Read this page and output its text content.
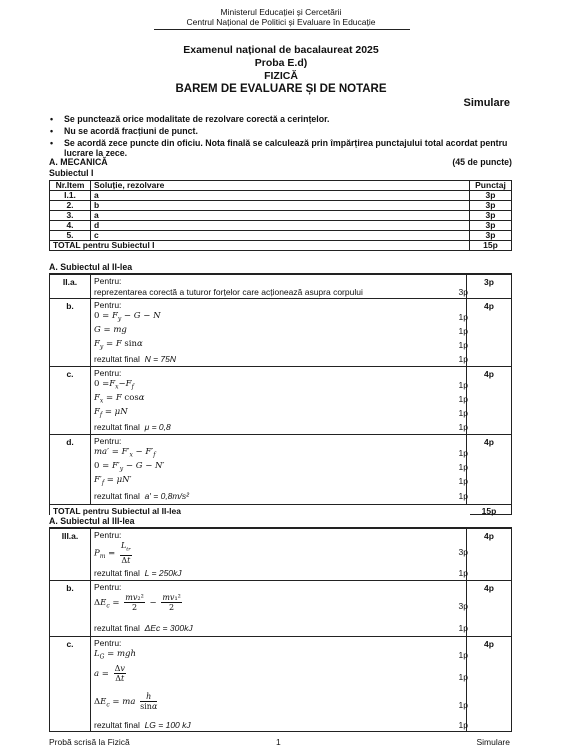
Ministerul Educației și Cercetării
Centrul Național de Politici și Evaluare în Educație
Examenul național de bacalaureat 2025
Proba E.d)
FIZICĂ
BAREM DE EVALUARE ȘI DE NOTARE
Simulare
•	Se punctează orice modalitate de rezolvare corectă a cerințelor.
•	Nu se acordă fracțiuni de punct.
•	Se acordă zece puncte din oficiu. Nota finală se calculează prin împărțirea punctajului total acordat pentru lucrare la zece.
A. MECANICĂ	(45 de puncte)
Subiectul I
Nr.Item	Soluție, rezolvare	Punctaj
I.1.	a	3p
2.	b	3p
3.	a	3p
4.	d	3p
5.	c	3p
TOTAL pentru Subiectul I		15p
A. Subiectul al II-lea
II.a.	Pentru:
reprezentarea corectă a tuturor forțelor care acționează asupra corpului	3p
3p
b.	Pentru:
$0 = F_y - G - N$	1p
G = mg	1p
$F_y = F$ sinα	1p
rezultat final N = 75N	1p
4p
c.	Pentru:
$0 =F_x-F_f$	1p
$F_x = F$ cosα	1p
$F_f = \mu N$	1p
rezultat final μ = 0,8	1p
4p
d.	Pentru:
$ma' = F'_x - F'_f$	1p
$0 = F'_y - G - N'$	1p
$F'_f = \mu N'$	1p
rezultat final a′ = 0,8m/s²	1p
4p
TOTAL pentru Subiectul al II-lea	15p
A. Subiectul al III-lea
III.a.	Pentru:
$P_m = \frac{L_{tr}}{\Delta t}$	3p
rezultat final L = 250kJ	1p
4p
b.	Pentru:
$\Delta E_c = \frac{\text{mv₂²}}{2} - \frac{\text{mv₁²}}{2}$	3p
rezultat final ΔEc = 300kJ	1p
4p
c.	Pentru:
$L_G$ = mgh	1p
$a = \frac{\Delta v}{\Delta t}$	1p
$\Delta E_c$ = ma $\frac{h}{\sin\alpha}$	1p
rezultat final LG = 100 kJ	1p
4p
Probă scrisă la Fizică	1	Simulare
